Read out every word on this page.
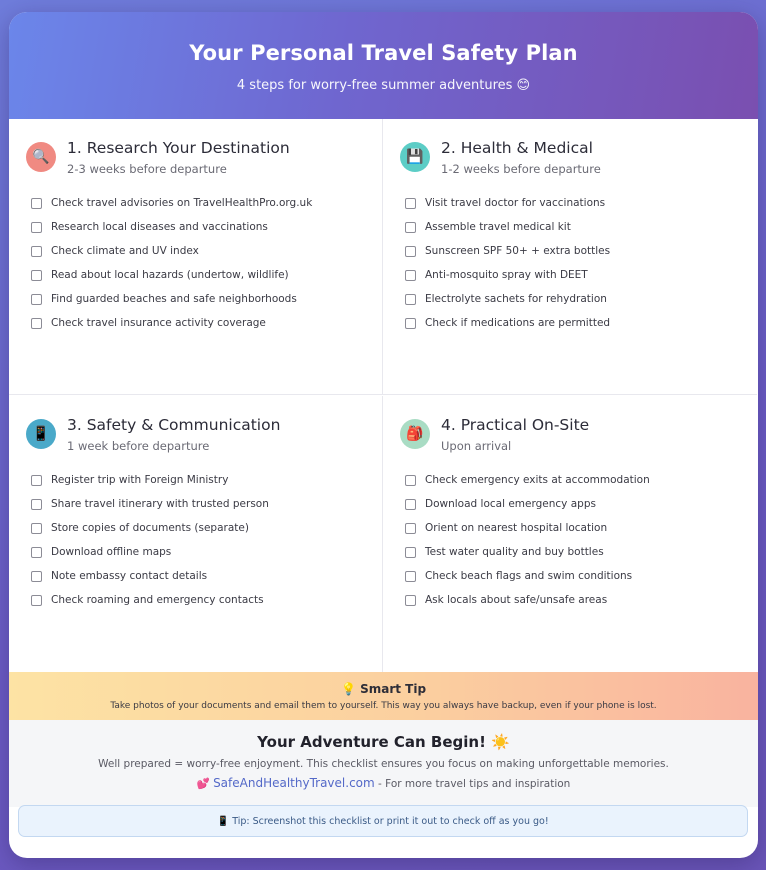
Your Personal Travel Safety Plan
4 steps for worry-free summer adventures 😊
🔍	1. Research Your Destination
2-3 weeks before departure
Check travel advisories on TravelHealthPro.org.uk
Research local diseases and vaccinations
Check climate and UV index
Read about local hazards (undertow, wildlife)
Find guarded beaches and safe neighborhoods
Check travel insurance activity coverage
💾	2. Health & Medical
1-2 weeks before departure
Visit travel doctor for vaccinations
Assemble travel medical kit
Sunscreen SPF 50+ + extra bottles
Anti-mosquito spray with DEET
Electrolyte sachets for rehydration
Check if medications are permitted
📱	3. Safety & Communication
1 week before departure
Register trip with Foreign Ministry
Share travel itinerary with trusted person
Store copies of documents (separate)
Download offline maps
Note embassy contact details
Check roaming and emergency contacts
🎒	4. Practical On-Site
Upon arrival
Check emergency exits at accommodation
Download local emergency apps
Orient on nearest hospital location
Test water quality and buy bottles
Check beach flags and swim conditions
Ask locals about safe/unsafe areas
💡 Smart Tip
Take photos of your documents and email them to yourself. This way you always have backup, even if your phone is lost.
Your Adventure Can Begin! ☀️
Well prepared = worry-free enjoyment. This checklist ensures you focus on making unforgettable memories.
💕 SafeAndHealthyTravel.com - For more travel tips and inspiration
📱 Tip: Screenshot this checklist or print it out to check off as you go!
